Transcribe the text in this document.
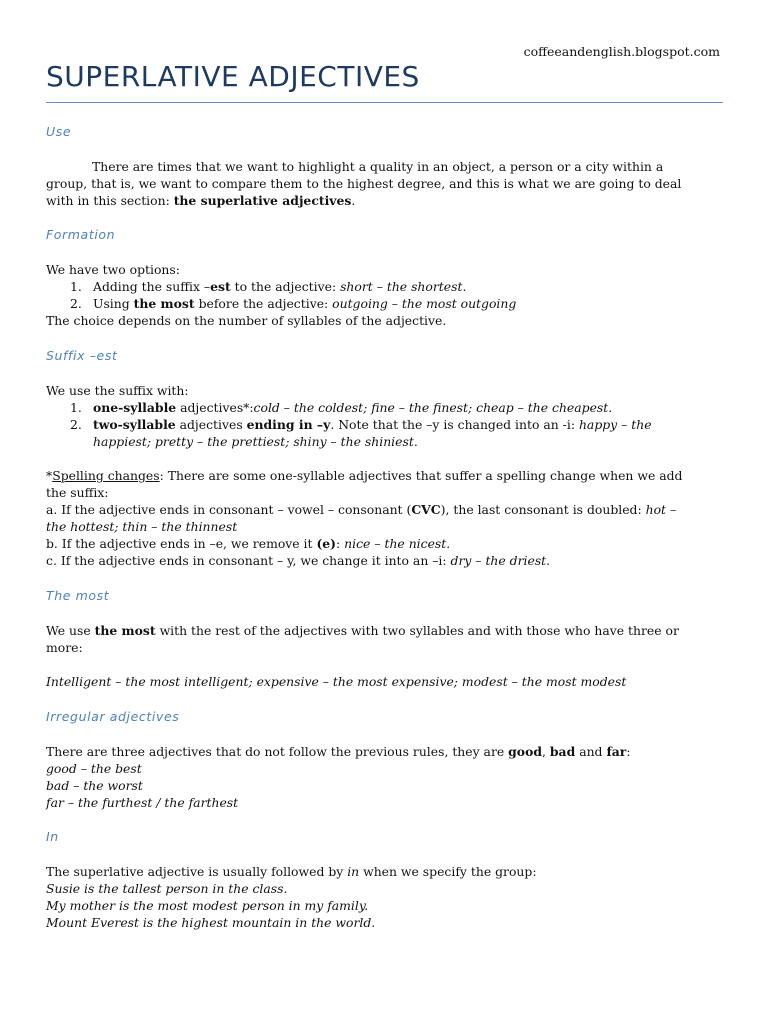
coffeeandenglish.blogspot.com
SUPERLATIVE ADJECTIVES
Use
There are times that we want to highlight a quality in an object, a person or a city within a
group, that is, we want to compare them to the highest degree, and this is what we are going to deal
with in this section: the superlative adjectives.
Formation
We have two options:
1. Adding the suffix –est to the adjective: short – the shortest.
2. Using the most before the adjective: outgoing – the most outgoing
The choice depends on the number of syllables of the adjective.
Suffix –est
We use the suffix with:
1. one-syllable adjectives*:cold – the coldest; fine – the finest; cheap – the cheapest.
2. two-syllable adjectives ending in –y. Note that the –y is changed into an -i: happy – the
happiest; pretty – the prettiest; shiny – the shiniest.
*Spelling changes: There are some one-syllable adjectives that suffer a spelling change when we add
the suffix:
a. If the adjective ends in consonant – vowel – consonant (CVC), the last consonant is doubled: hot –
the hottest; thin – the thinnest
b. If the adjective ends in –e, we remove it (e): nice – the nicest.
c. If the adjective ends in consonant – y, we change it into an –i: dry – the driest.
The most
We use the most with the rest of the adjectives with two syllables and with those who have three or
more:
Intelligent – the most intelligent; expensive – the most expensive; modest – the most modest
Irregular adjectives
There are three adjectives that do not follow the previous rules, they are good, bad and far:
good – the best
bad – the worst
far – the furthest / the farthest
In
The superlative adjective is usually followed by in when we specify the group:
Susie is the tallest person in the class.
My mother is the most modest person in my family.
Mount Everest is the highest mountain in the world.
